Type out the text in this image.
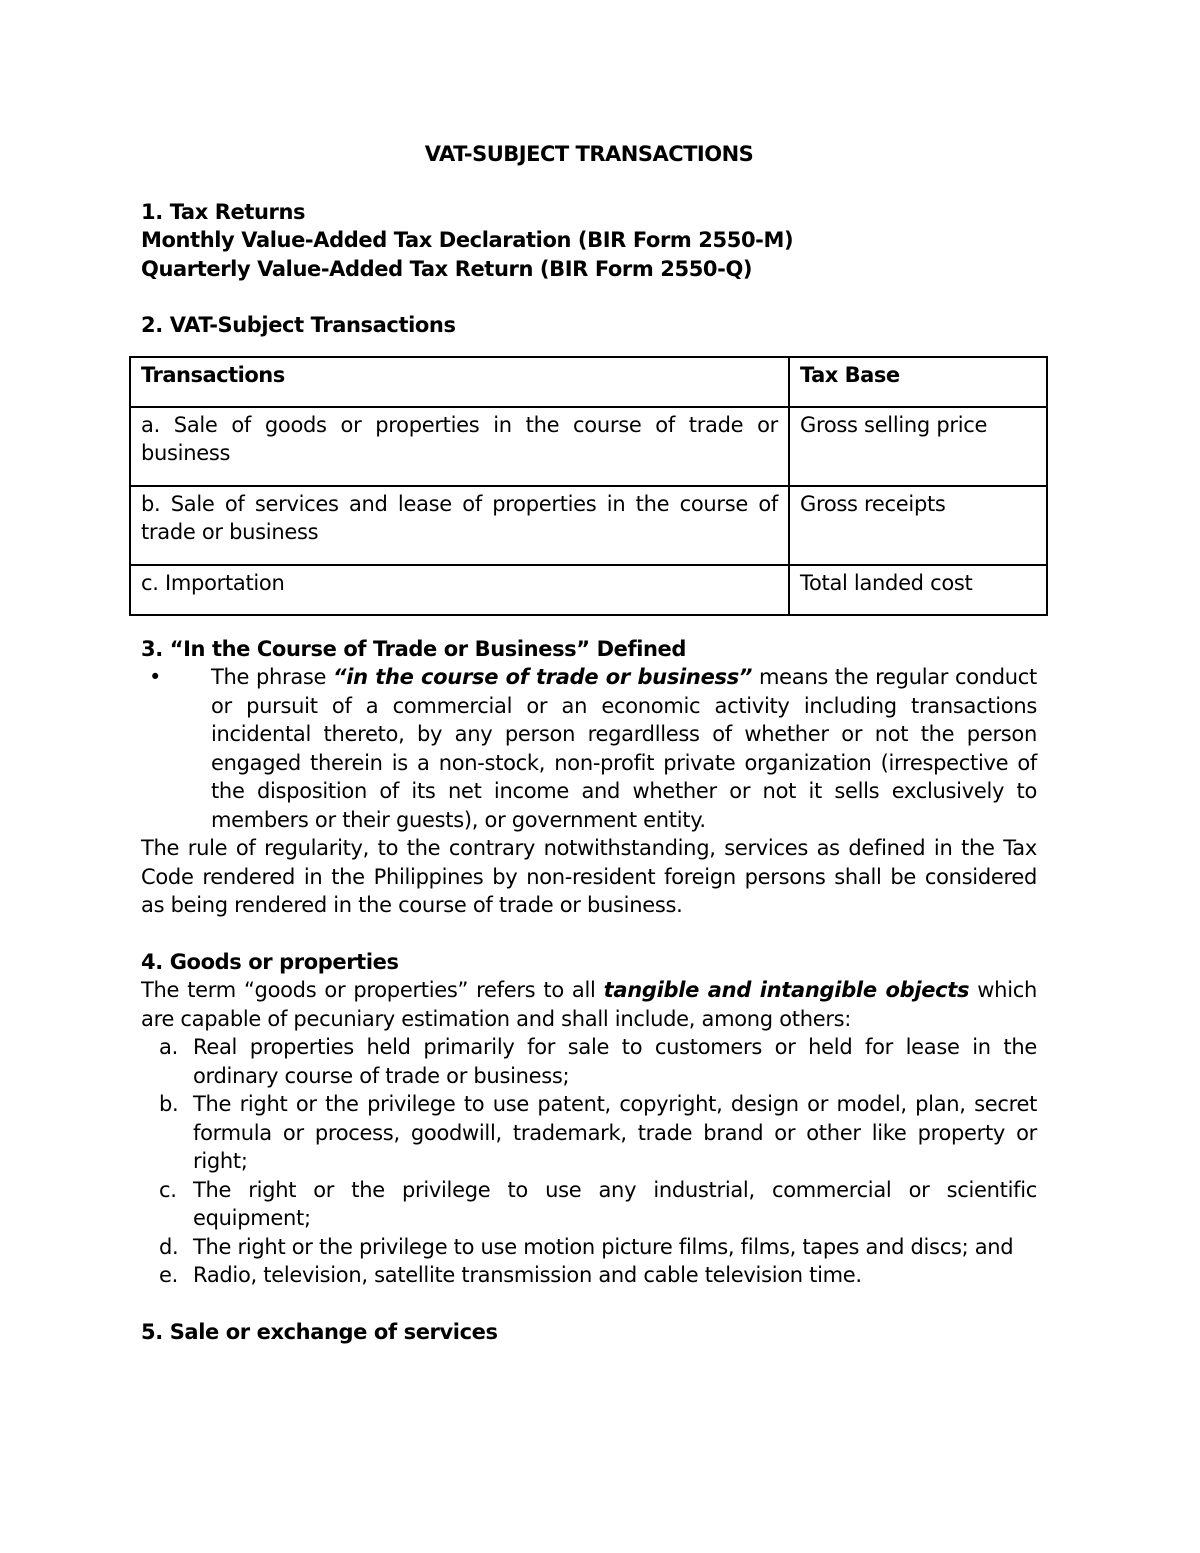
VAT-SUBJECT TRANSACTIONS

1. Tax Returns

Monthly Value-Added Tax Declaration (BIR Form 2550-M)

Quarterly Value-Added Tax Return (BIR Form 2550-Q)

2. VAT-Subject Transactions

Transactions	Tax Base
a. Sale of goods or properties in the course of trade or business	Gross selling price
b. Sale of services and lease of properties in the course of trade or business	Gross receipts
c. Importation	Total landed cost

3. “In the Course of Trade or Business” Defined

• The phrase “in the course of trade or business” means the regular conduct or pursuit of a commercial or an economic activity including transactions incidental thereto, by any person regardlless of whether or not the person engaged therein is a non-stock, non-profit private organization (irrespective of the disposition of its net income and whether or not it sells exclusively to members or their guests), or government entity.

The rule of regularity, to the contrary notwithstanding, services as defined in the Tax Code rendered in the Philippines by non-resident foreign persons shall be considered as being rendered in the course of trade or business.

4. Goods or properties

The term “goods or properties” refers to all tangible and intangible objects which are capable of pecuniary estimation and shall include, among others:

a. Real properties held primarily for sale to customers or held for lease in the ordinary course of trade or business;
b. The right or the privilege to use patent, copyright, design or model, plan, secret formula or process, goodwill, trademark, trade brand or other like property or right;
c. The right or the privilege to use any industrial, commercial or scientific equipment;
d. The right or the privilege to use motion picture films, films, tapes and discs; and
e. Radio, television, satellite transmission and cable television time.

5. Sale or exchange of services
